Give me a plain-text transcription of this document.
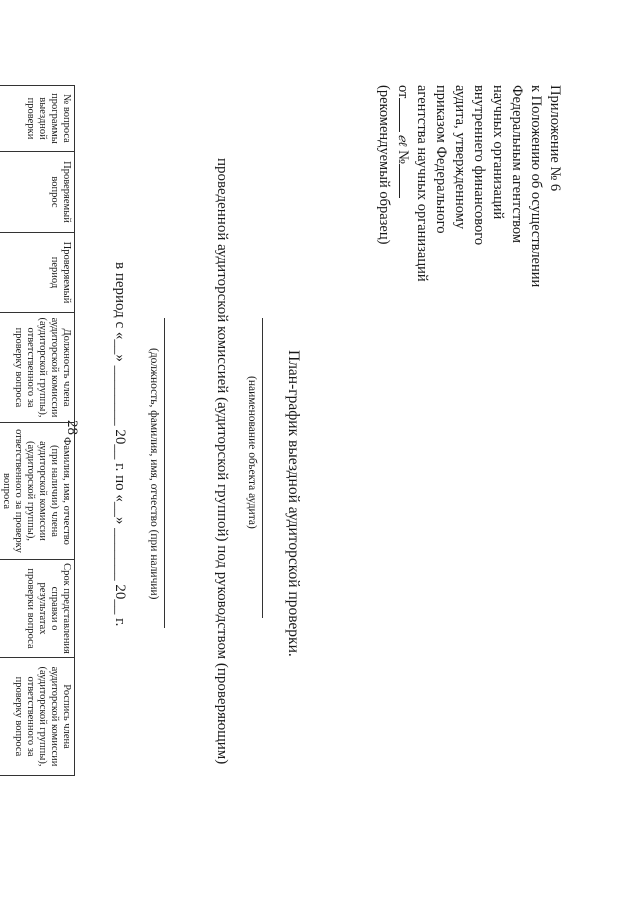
28
Приложение № 6
к Положению об осуществлении
Федеральным агентством
научных организаций
внутреннего финансового
аудита, утвержденному
приказом Федерального
агентства научных организаций
отℯℓ №
(рекомендуемый образец)
План-график выездной аудиторской проверки.
(наименование объекта аудита)
проведенной аудиторской комиссией (аудиторской группой) под руководством (проверяющим)
(должность, фамилия, имя, отчество (при наличии)
в период с «__» ________ 20__ г. по «__» _______ 20__ г.
№ вопроса программы выездной проверки	Проверяемый вопрос	Проверяемый период	Должность члена аудиторской комиссии (аудиторской группы), ответственного за проверку вопроса	Фамилия, имя, отчество (при наличии) члена аудиторской комиссии (аудиторской группы), ответственного за проверку вопроса	Срок представления справки о результатах проверки вопроса	Роспись члена аудиторской комиссии (аудиторской группы), ответственного за проверку вопроса
